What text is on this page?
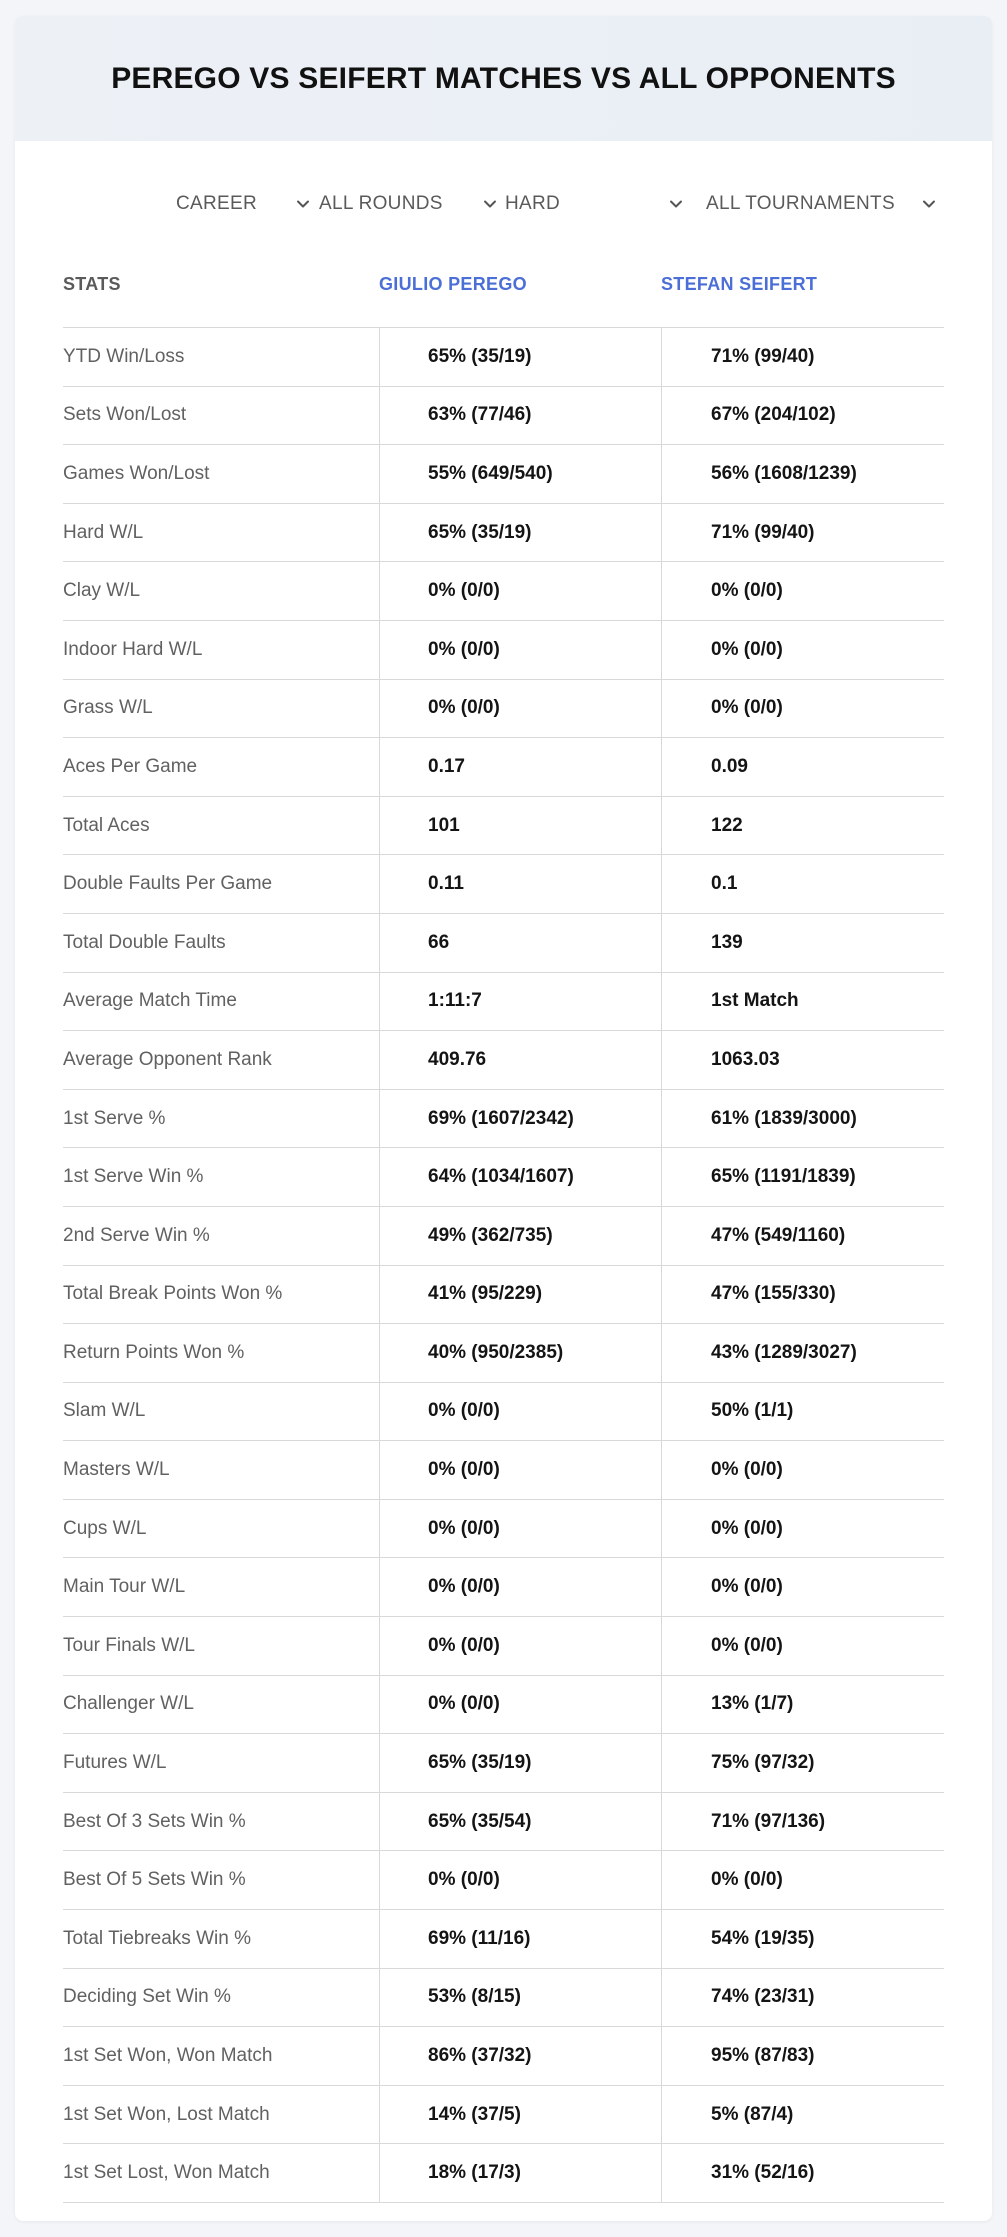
PEREGO VS SEIFERT MATCHES VS ALL OPPONENTS
CAREER	ALL ROUNDS	HARD	ALL TOURNAMENTS
STATS	GIULIO PEREGO	STEFAN SEIFERT
YTD Win/Loss	65% (35/19)	71% (99/40)
Sets Won/Lost	63% (77/46)	67% (204/102)
Games Won/Lost	55% (649/540)	56% (1608/1239)
Hard W/L	65% (35/19)	71% (99/40)
Clay W/L	0% (0/0)	0% (0/0)
Indoor Hard W/L	0% (0/0)	0% (0/0)
Grass W/L	0% (0/0)	0% (0/0)
Aces Per Game	0.17	0.09
Total Aces	101	122
Double Faults Per Game	0.11	0.1
Total Double Faults	66	139
Average Match Time	1:11:7	1st Match
Average Opponent Rank	409.76	1063.03
1st Serve %	69% (1607/2342)	61% (1839/3000)
1st Serve Win %	64% (1034/1607)	65% (1191/1839)
2nd Serve Win %	49% (362/735)	47% (549/1160)
Total Break Points Won %	41% (95/229)	47% (155/330)
Return Points Won %	40% (950/2385)	43% (1289/3027)
Slam W/L	0% (0/0)	50% (1/1)
Masters W/L	0% (0/0)	0% (0/0)
Cups W/L	0% (0/0)	0% (0/0)
Main Tour W/L	0% (0/0)	0% (0/0)
Tour Finals W/L	0% (0/0)	0% (0/0)
Challenger W/L	0% (0/0)	13% (1/7)
Futures W/L	65% (35/19)	75% (97/32)
Best Of 3 Sets Win %	65% (35/54)	71% (97/136)
Best Of 5 Sets Win %	0% (0/0)	0% (0/0)
Total Tiebreaks Win %	69% (11/16)	54% (19/35)
Deciding Set Win %	53% (8/15)	74% (23/31)
1st Set Won, Won Match	86% (37/32)	95% (87/83)
1st Set Won, Lost Match	14% (37/5)	5% (87/4)
1st Set Lost, Won Match	18% (17/3)	31% (52/16)
